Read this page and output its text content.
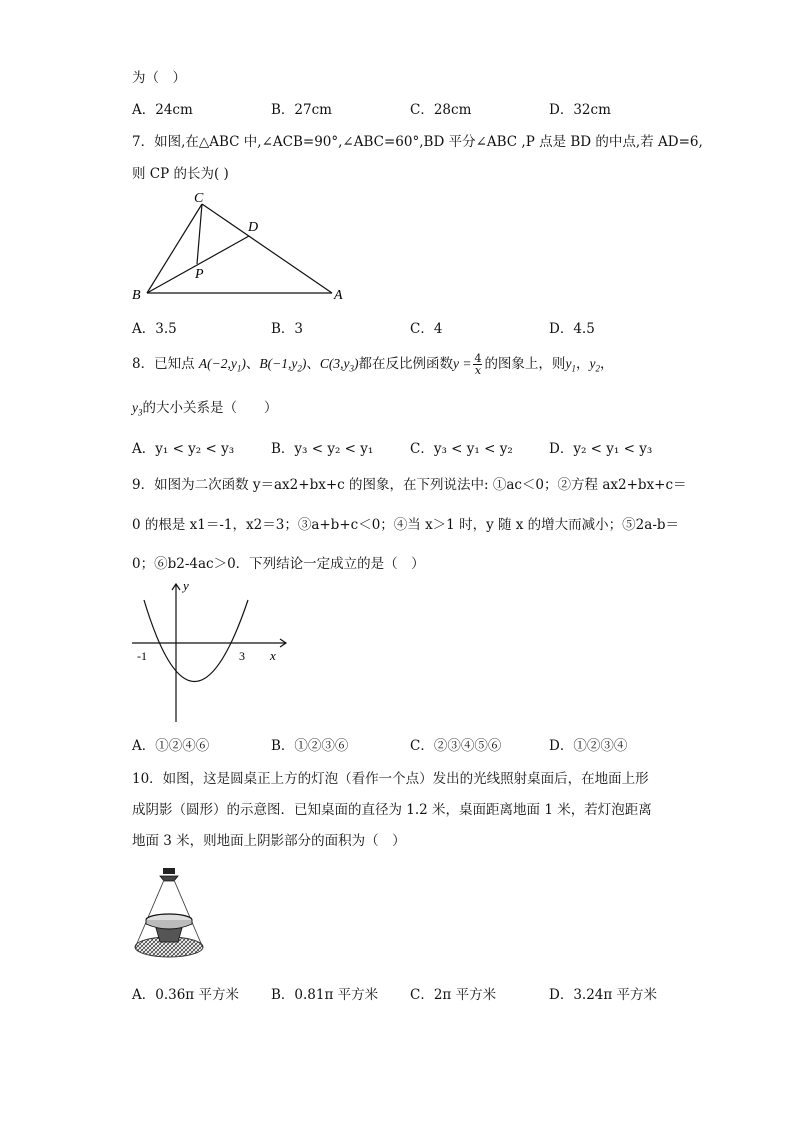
为（　）
A．24cm	B．27cm	C．28cm	D．32cm
7．如图,在△ABC 中,∠ACB=90°,∠ABC=60°,BD 平分∠ABC ,P 点是 BD 的中点,若 AD=6,
则 CP 的长为( )
C
D
P
B	A
A．3.5	B．3	C．4	D．4.5
8．已知点 $A(-2,y_1)$、$B(-1,y_2)$、$C(3,y_3)$都在反比例函数$y = \frac{4}{x}$ 的图象上，则$y_1$，$y_2$，
$y_3$的大小关系是（　　）
A．y₁ < y₂ < y₃	B．y₃ < y₂ < y₁	C．y₃ < y₁ < y₂	D．y₂ < y₁ < y₃
9．如图为二次函数 y＝ax2+bx+c 的图象，在下列说法中: ①ac＜0；②方程 ax2+bx+c＝
0 的根是 x1＝-1，x2＝3；③a+b+c＜0；④当 x＞1 时，y 随 x 的增大而减小；⑤2a-b＝
0；⑥b2-4ac＞0．下列结论一定成立的是（　）
y
x
-1	3
A．①②④⑥	B．①②③⑥	C．②③④⑤⑥	D．①②③④
10．如图，这是圆桌正上方的灯泡（看作一个点）发出的光线照射桌面后，在地面上形
成阴影（圆形）的示意图．已知桌面的直径为 1.2 米，桌面距离地面 1 米，若灯泡距离
地面 3 米，则地面上阴影部分的面积为（　）
A．0.36π 平方米 B．0.81π 平方米 C．2π 平方米	D．3.24π 平方米
